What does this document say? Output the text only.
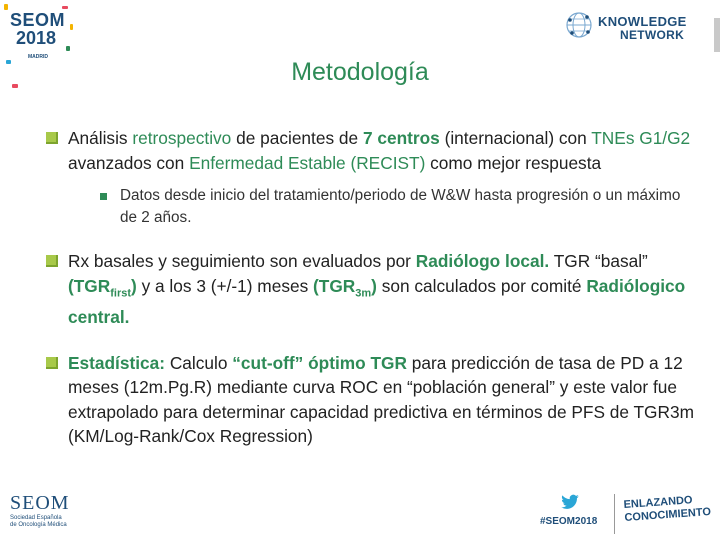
SEOM
2018
MADRID
KNOWLEDGE
NETWORK
Metodología
Análisis retrospectivo de pacientes de 7 centros (internacional) con TNEs G1/G2 avanzados con Enfermedad Estable (RECIST) como mejor respuesta
Datos desde inicio del tratamiento/periodo de W&W hasta progresión o un máximo de 2 años.
Rx basales y seguimiento son evaluados por Radiólogo local. TGR “basal” $(TGR_{first})$ y a los 3 (+/-1) meses $(TGR_{3m})$ son calculados por comité Radiólogico central.
Estadística: Calculo “cut-off” óptimo TGR para predicción de tasa de PD a 12 meses (12m.Pg.R) mediante curva ROC en “población general” y este valor fue extrapolado para determinar capacidad predictiva en términos de PFS de TGR3m (KM/Log-Rank/Cox Regression)
SEOM
Sociedad Española
de Oncología Médica	#SEOM2018
ENLAZANDO
CONOCIMIENTO
